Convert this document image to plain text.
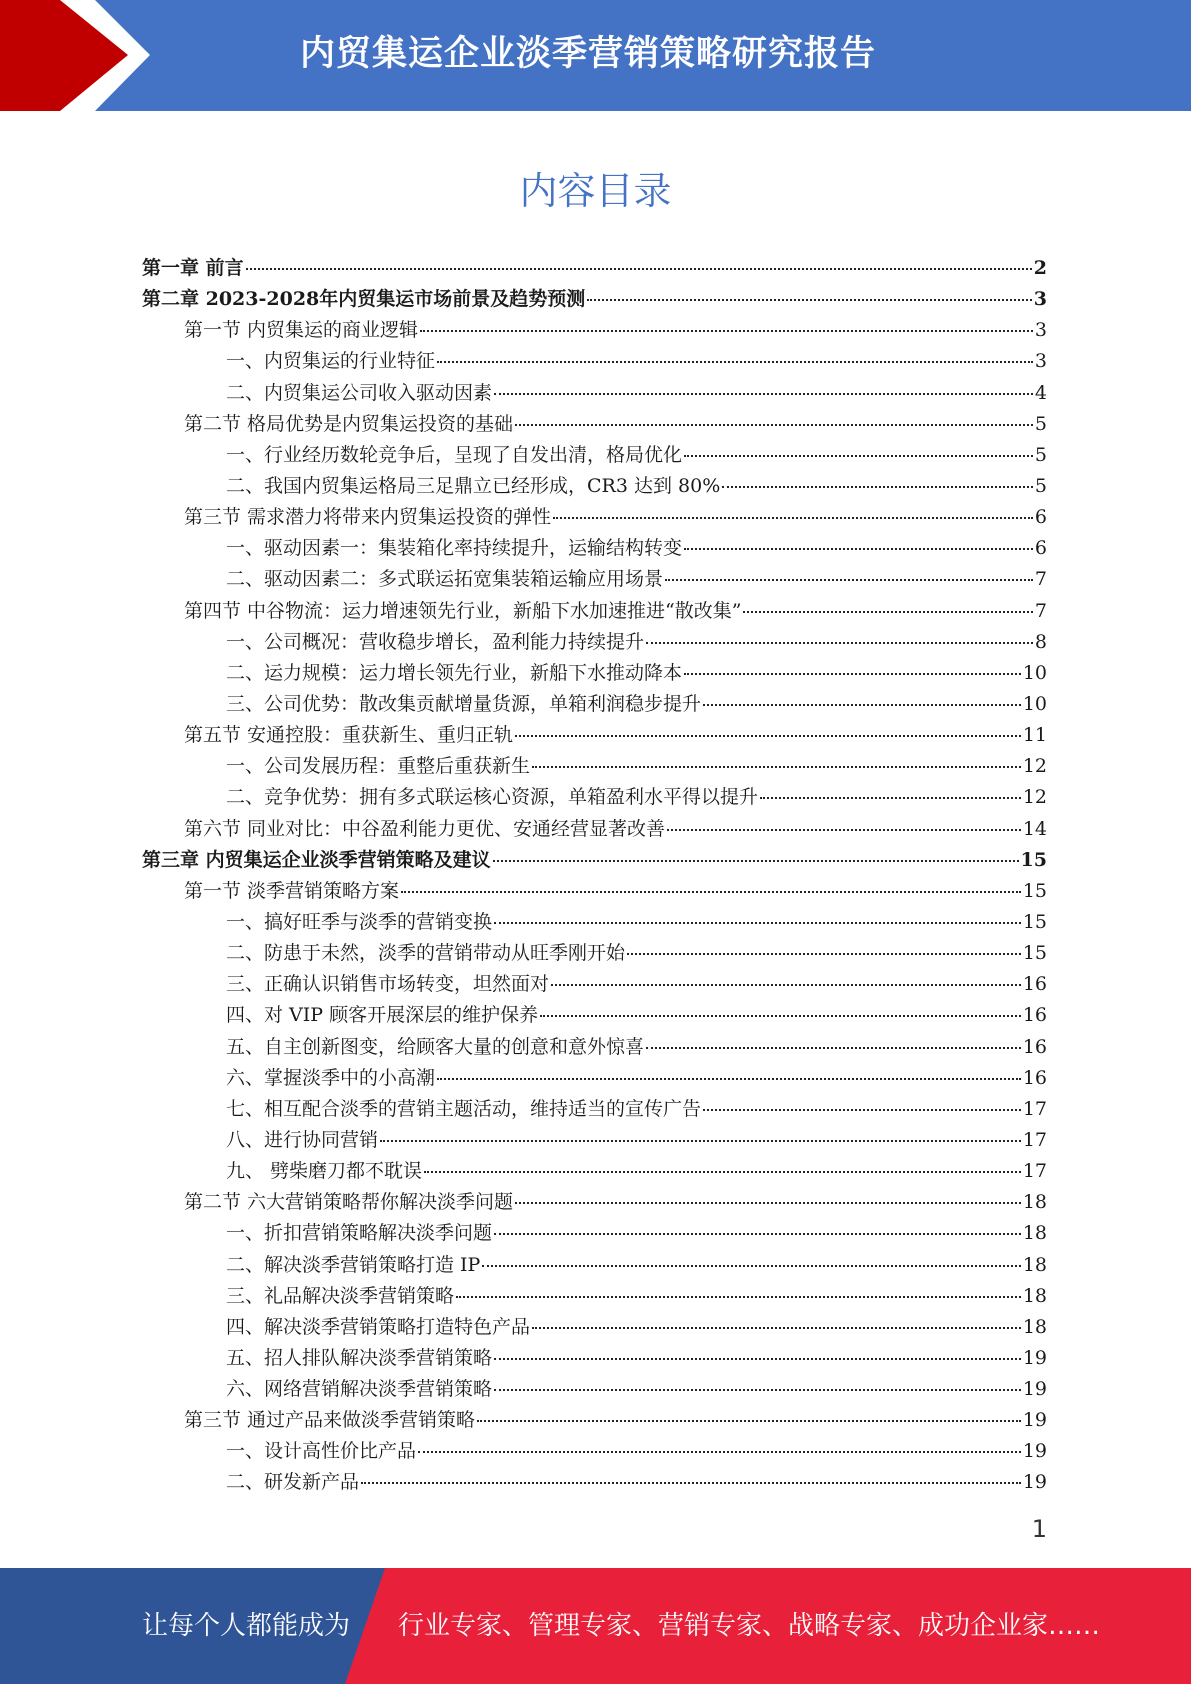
内贸集运企业淡季营销策略研究报告
内容目录
第一章 前言	2
第二章 2023-2028年内贸集运市场前景及趋势预测	3
第一节 内贸集运的商业逻辑	3
一、内贸集运的行业特征	3
二、内贸集运公司收入驱动因素	4
第二节 格局优势是内贸集运投资的基础	5
一、行业经历数轮竞争后，呈现了自发出清，格局优化	5
二、我国内贸集运格局三足鼎立已经形成，CR3 达到 80%	5
第三节 需求潜力将带来内贸集运投资的弹性	6
一、驱动因素一：集装箱化率持续提升，运输结构转变	6
二、驱动因素二：多式联运拓宽集装箱运输应用场景	7
第四节 中谷物流：运力增速领先行业，新船下水加速推进“散改集”	7
一、公司概况：营收稳步增长，盈利能力持续提升	8
二、运力规模：运力增长领先行业，新船下水推动降本	10
三、公司优势：散改集贡献增量货源，单箱利润稳步提升	10
第五节 安通控股：重获新生、重归正轨	11
一、公司发展历程：重整后重获新生	12
二、竞争优势：拥有多式联运核心资源，单箱盈利水平得以提升	12
第六节 同业对比：中谷盈利能力更优、安通经营显著改善	14
第三章 内贸集运企业淡季营销策略及建议	15
第一节 淡季营销策略方案	15
一、搞好旺季与淡季的营销变换	15
二、防患于未然，淡季的营销带动从旺季刚开始	15
三、正确认识销售市场转变，坦然面对	16
四、对 VIP 顾客开展深层的维护保养	16
五、自主创新图变，给顾客大量的创意和意外惊喜	16
六、掌握淡季中的小高潮	16
七、相互配合淡季的营销主题活动，维持适当的宣传广告	17
八、进行协同营销	17
九、 劈柴磨刀都不耽误	17
第二节 六大营销策略帮你解决淡季问题	18
一、折扣营销策略解决淡季问题	18
二、解决淡季营销策略打造 IP	18
三、礼品解决淡季营销策略	18
四、解决淡季营销策略打造特色产品	18
五、招人排队解决淡季营销策略	19
六、网络营销解决淡季营销策略	19
第三节 通过产品来做淡季营销策略	19
一、设计高性价比产品	19
二、研发新产品	19
1
让每个人都能成为 行业专家、管理专家、营销专家、战略专家、成功企业家……
